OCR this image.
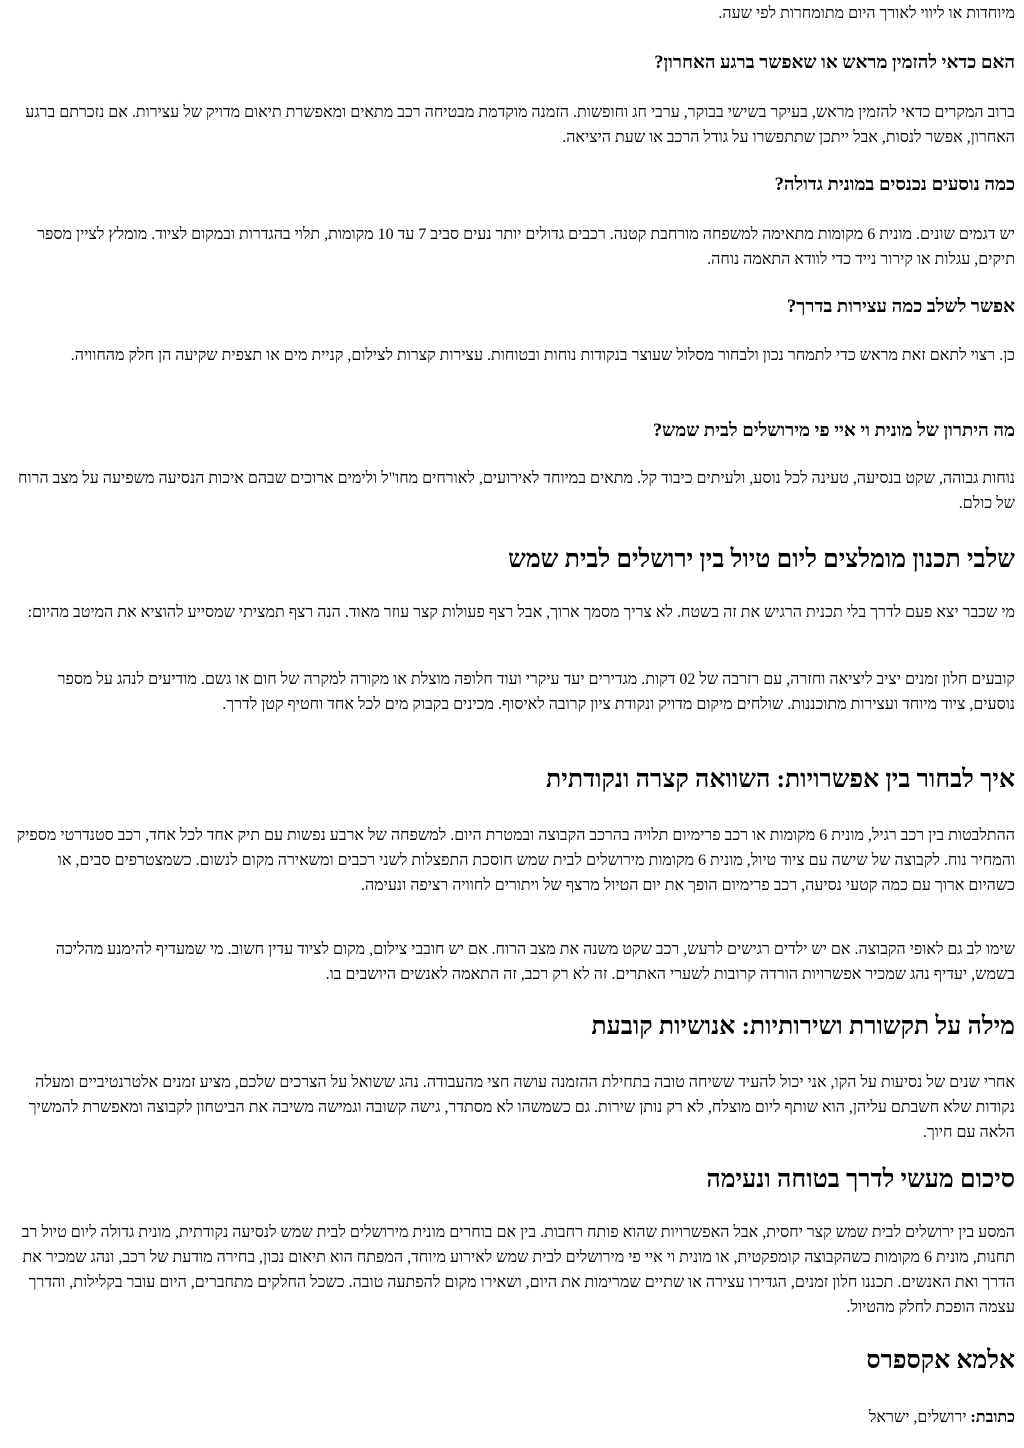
מיוחדות או ליווי לאורך היום מתומחרות לפי שעה.

האם כדאי להזמין מראש או שאפשר ברגע האחרון?

ברוב המקרים כדאי להזמין מראש, בעיקר בשישי בבוקר, ערבי חג וחופשות. הזמנה מוקדמת מבטיחה רכב מתאים ומאפשרת תיאום מדויק של עצירות. אם נזכרתם ברגע האחרון, אפשר לנסות, אבל ייתכן שתתפשרו על גודל הרכב או שעת היציאה.

כמה נוסעים נכנסים במונית גדולה?

יש דגמים שונים. מונית 6 מקומות מתאימה למשפחה מורחבת קטנה. רכבים גדולים יותר נעים סביב 7 עד 10 מקומות, תלוי בהגדרות ובמקום לציוד. מומלץ לציין מספר תיקים, עגלות או קירור נייד כדי לוודא התאמה נוחה.

אפשר לשלב כמה עצירות בדרך?

כן. רצוי לתאם זאת מראש כדי לתמחר נכון ולבחור מסלול שעוצר בנקודות נוחות ובטוחות. עצירות קצרות לצילום, קניית מים או תצפית שקיעה הן חלק מהחוויה.

מה היתרון של מונית וי איי פי מירושלים לבית שמש?

נוחות גבוהה, שקט בנסיעה, טעינה לכל נוסע, ולעיתים כיבוד קל. מתאים במיוחד לאירועים, לאורחים מחו"ל ולימים ארוכים שבהם איכות הנסיעה משפיעה על מצב הרוח של כולם.

שלבי תכנון מומלצים ליום טיול בין ירושלים לבית שמש

מי שכבר יצא פעם לדרך בלי תכנית הרגיש את זה בשטח. לא צריך מסמך ארוך, אבל רצף פעולות קצר עוזר מאוד. הנה רצף תמציתי שמסייע להוציא את המיטב מהיום:

קובעים חלון זמנים יציב ליציאה וחזרה, עם רזרבה של 02 דקות. מגדירים יעד עיקרי ועוד חלופה מוצלת או מקורה למקרה של חום או גשם. מודיעים לנהג על מספר נוסעים, ציוד מיוחד ועצירות מתוכננות. שולחים מיקום מדויק ונקודת ציון קרובה לאיסוף. מכינים בקבוק מים לכל אחד וחטיף קטן לדרך.

איך לבחור בין אפשרויות: השוואה קצרה ונקודתית

ההתלבטות בין רכב רגיל, מונית 6 מקומות או רכב פרימיום תלויה בהרכב הקבוצה ובמטרת היום. למשפחה של ארבע נפשות עם תיק אחד לכל אחד, רכב סטנדרטי מספיק והמחיר נוח. לקבוצה של שישה עם ציוד טיול, מונית 6 מקומות מירושלים לבית שמש חוסכת התפצלות לשני רכבים ומשאירה מקום לנשום. כשמצטרפים סבים, או כשהיום ארוך עם כמה קטעי נסיעה, רכב פרימיום הופך את יום הטיול מרצף של ויתורים לחוויה רציפה ונעימה.

שימו לב גם לאופי הקבוצה. אם יש ילדים רגישים לרעש, רכב שקט משנה את מצב הרוח. אם יש חובבי צילום, מקום לציוד עדין חשוב. מי שמעדיף להימנע מהליכה בשמש, יעדיף נהג שמכיר אפשרויות הורדה קרובות לשערי האתרים. זה לא רק רכב, זה התאמה לאנשים היושבים בו.

מילה על תקשורת ושירותיות: אנושיות קובעת

אחרי שנים של נסיעות על הקו, אני יכול להעיד ששיחה טובה בתחילת ההזמנה עושה חצי מהעבודה. נהג ששואל על הצרכים שלכם, מציע זמנים אלטרנטיביים ומעלה נקודות שלא חשבתם עליהן, הוא שותף ליום מוצלח, לא רק נותן שירות. גם כשמשהו לא מסתדר, גישה קשובה וגמישה משיבה את הביטחון לקבוצה ומאפשרת להמשיך הלאה עם חיוך.

סיכום מעשי לדרך בטוחה ונעימה

המסע בין ירושלים לבית שמש קצר יחסית, אבל האפשרויות שהוא פותח רחבות. בין אם בוחרים מונית מירושלים לבית שמש לנסיעה נקודתית, מונית גדולה ליום טיול רב תחנות, מונית 6 מקומות כשהקבוצה קומפקטית, או מונית וי איי פי מירושלים לבית שמש לאירוע מיוחד, המפתח הוא תיאום נכון, בחירה מודעת של רכב, ונהג שמכיר את הדרך ואת האנשים. תכננו חלון זמנים, הגדירו עצירה או שתיים שמרימות את היום, ושאירו מקום להפתעה טובה. כשכל החלקים מתחברים, היום עובר בקלילות, והדרך עצמה הופכת לחלק מהטיול.

אלמא אקספרס

כתובת: ירושלים, ישראל
